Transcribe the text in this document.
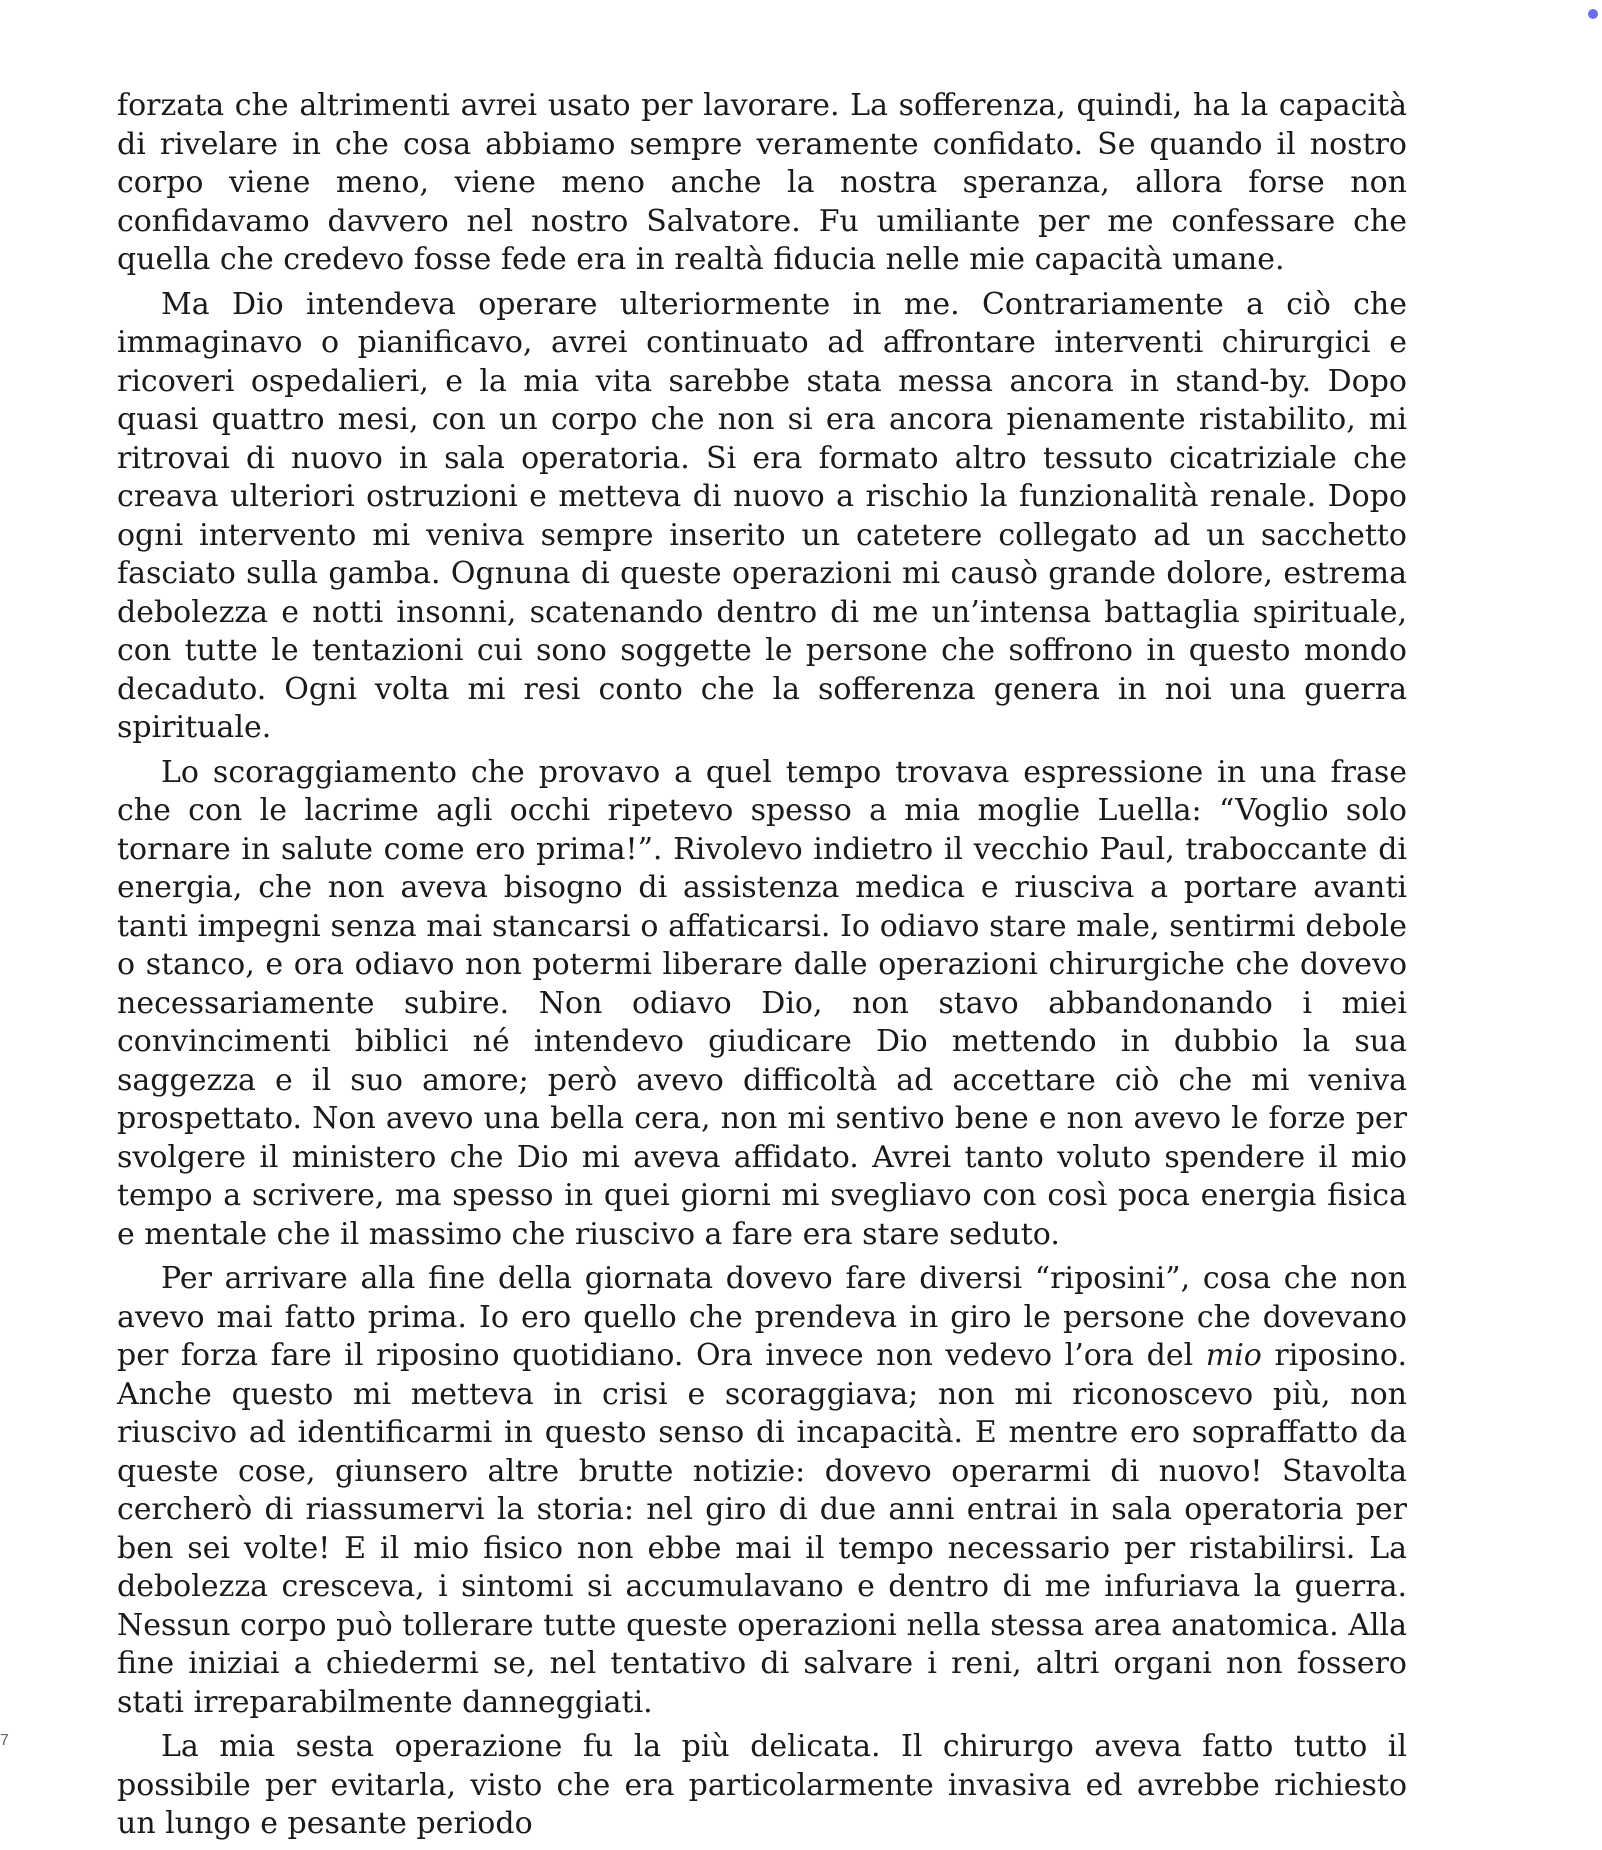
forzata che altrimenti avrei usato per lavorare. La sofferenza, quindi, ha la capacità di rivelare in che cosa abbiamo sempre veramente confidato. Se quando il nostro corpo viene meno, viene meno anche la nostra speranza, allora forse non confidavamo davvero nel nostro Salvatore. Fu umiliante per me confessare che quella che credevo fosse fede era in realtà fiducia nelle mie capacità umane.

Ma Dio intendeva operare ulteriormente in me. Contrariamente a ciò che immaginavo o pianificavo, avrei continuato ad affrontare interventi chirurgici e ricoveri ospedalieri, e la mia vita sarebbe stata messa ancora in stand-by. Dopo quasi quattro mesi, con un corpo che non si era ancora pienamente ristabilito, mi ritrovai di nuovo in sala operatoria. Si era formato altro tessuto cicatriziale che creava ulteriori ostruzioni e metteva di nuovo a rischio la funzionalità renale. Dopo ogni intervento mi veniva sempre inserito un catetere collegato ad un sacchetto fasciato sulla gamba. Ognuna di queste operazioni mi causò grande dolore, estrema debolezza e notti insonni, scatenando dentro di me un’intensa battaglia spirituale, con tutte le tentazioni cui sono soggette le persone che soffrono in questo mondo decaduto. Ogni volta mi resi conto che la sofferenza genera in noi una guerra spirituale.

Lo scoraggiamento che provavo a quel tempo trovava espressione in una frase che con le lacrime agli occhi ripetevo spesso a mia moglie Luella: “Voglio solo tornare in salute come ero prima!”. Rivolevo indietro il vecchio Paul, traboccante di energia, che non aveva bisogno di assistenza medica e riusciva a portare avanti tanti impegni senza mai stancarsi o affaticarsi. Io odiavo stare male, sentirmi debole o stanco, e ora odiavo non potermi liberare dalle operazioni chirurgiche che dovevo necessariamente subire. Non odiavo Dio, non stavo abbandonando i miei convincimenti biblici né intendevo giudicare Dio mettendo in dubbio la sua saggezza e il suo amore; però avevo difficoltà ad accettare ciò che mi veniva prospettato. Non avevo una bella cera, non mi sentivo bene e non avevo le forze per svolgere il ministero che Dio mi aveva affidato. Avrei tanto voluto spendere il mio tempo a scrivere, ma spesso in quei giorni mi svegliavo con così poca energia fisica e mentale che il massimo che riuscivo a fare era stare seduto.

Per arrivare alla fine della giornata dovevo fare diversi “riposini”, cosa che non avevo mai fatto prima. Io ero quello che prendeva in giro le persone che dovevano per forza fare il riposino quotidiano. Ora invece non vedevo l’ora del mio riposino. Anche questo mi metteva in crisi e scoraggiava; non mi riconoscevo più, non riuscivo ad identificarmi in questo senso di incapacità. E mentre ero sopraffatto da queste cose, giunsero altre brutte notizie: dovevo operarmi di nuovo! Stavolta cercherò di riassumervi la storia: nel giro di due anni entrai in sala operatoria per ben sei volte! E il mio fisico non ebbe mai il tempo necessario per ristabilirsi. La debolezza cresceva, i sintomi si accumulavano e dentro di me infuriava la guerra. Nessun corpo può tollerare tutte queste operazioni nella stessa area anatomica. Alla fine iniziai a chiedermi se, nel tentativo di salvare i reni, altri organi non fossero stati irreparabilmente danneggiati.

La mia sesta operazione fu la più delicata. Il chirurgo aveva fatto tutto il possibile per evitarla, visto che era particolarmente invasiva ed avrebbe richiesto un lungo e pesante periodo

7
